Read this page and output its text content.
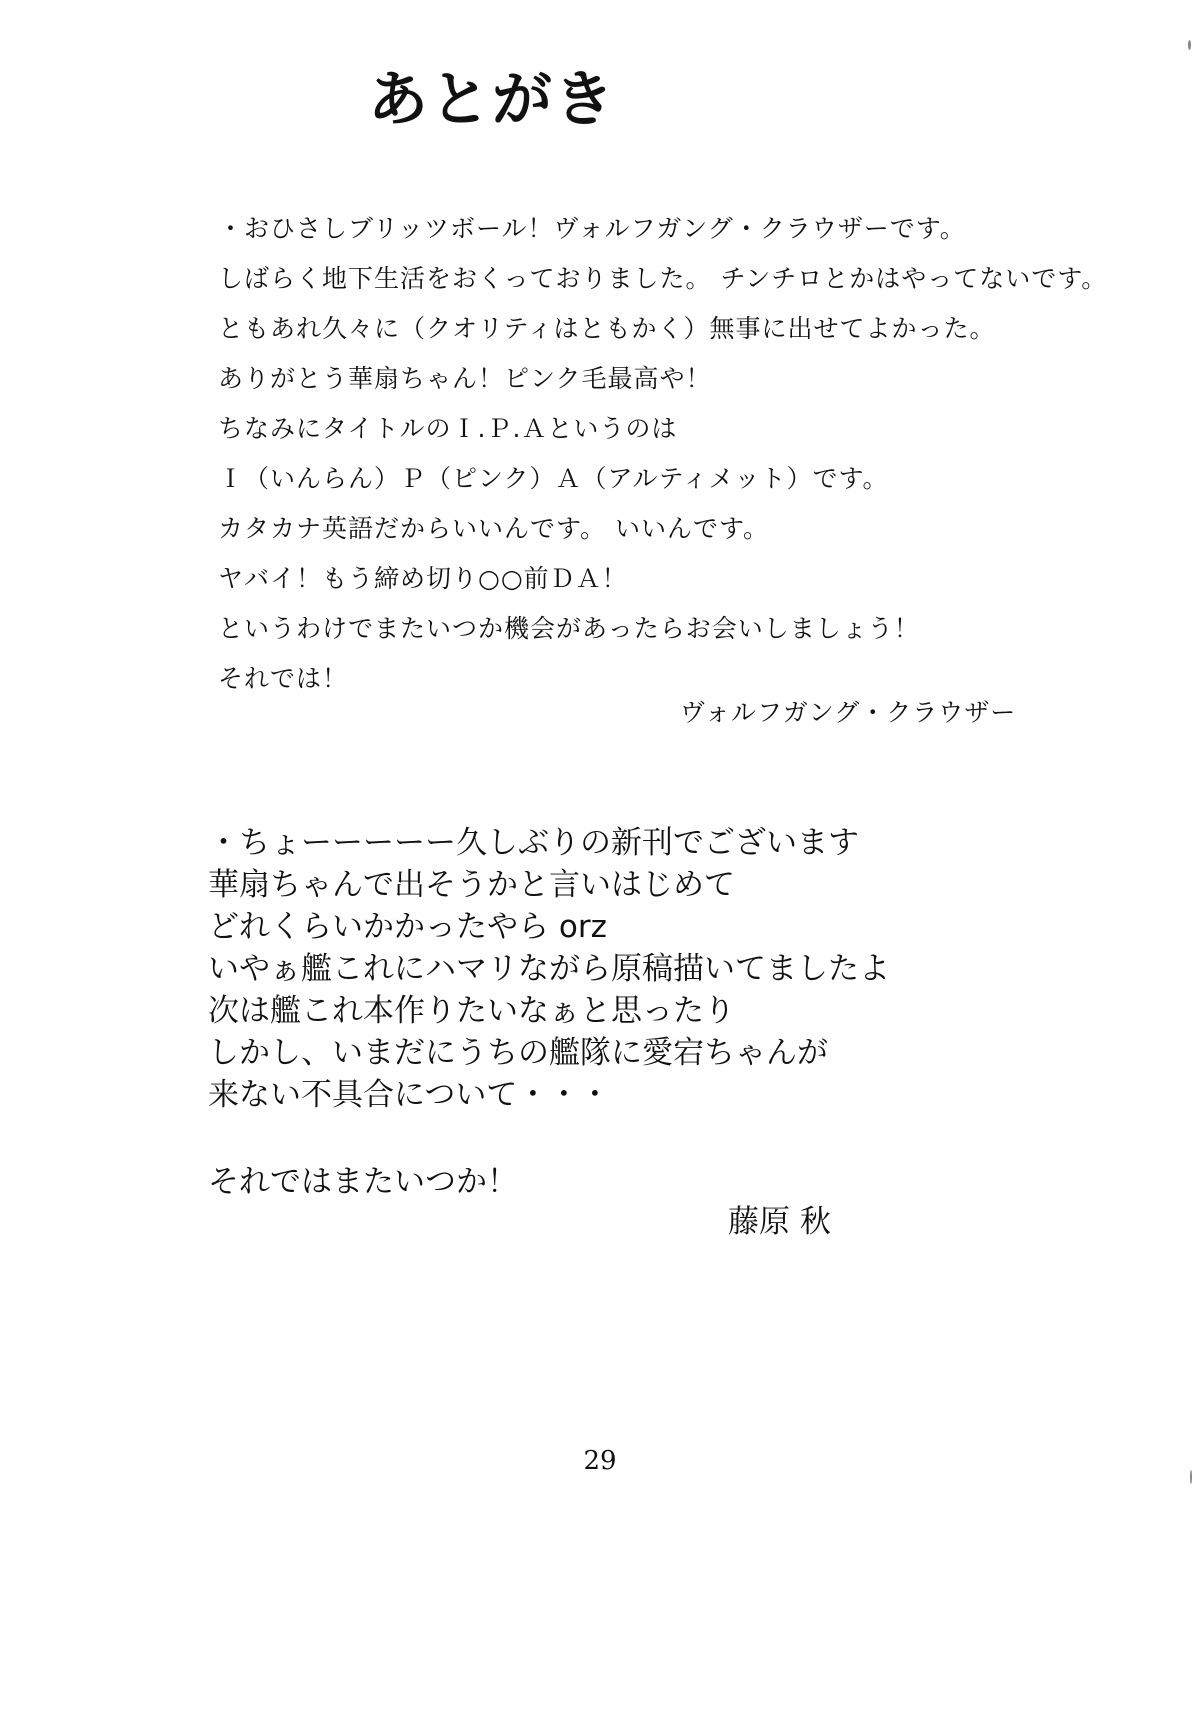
あとがき
・おひさしブリッツボール！ヴォルフガング・クラウザーです。
しばらく地下生活をおくっておりました。 チンチロとかはやってないです。
ともあれ久々に（クオリティはともかく）無事に出せてよかった。
ありがとう華扇ちゃん！ピンク毛最高や！
ちなみにタイトルのＩ.Ｐ.Ａというのは
Ｉ（いんらん）Ｐ（ピンク）Ａ（アルティメット）です。
カタカナ英語だからいいんです。 いいんです。
ヤバイ！もう締め切り○○前ＤＡ！
というわけでまたいつか機会があったらお会いしましょう！
それでは！
ヴォルフガング・クラウザー
・ちょーーーーー久しぶりの新刊でございます
華扇ちゃんで出そうかと言いはじめて
どれくらいかかったやら orz
いやぁ艦これにハマリながら原稿描いてましたよ
次は艦これ本作りたいなぁと思ったり
しかし、いまだにうちの艦隊に愛宕ちゃんが
来ない不具合について・・・
それではまたいつか！
藤原 秋
29
